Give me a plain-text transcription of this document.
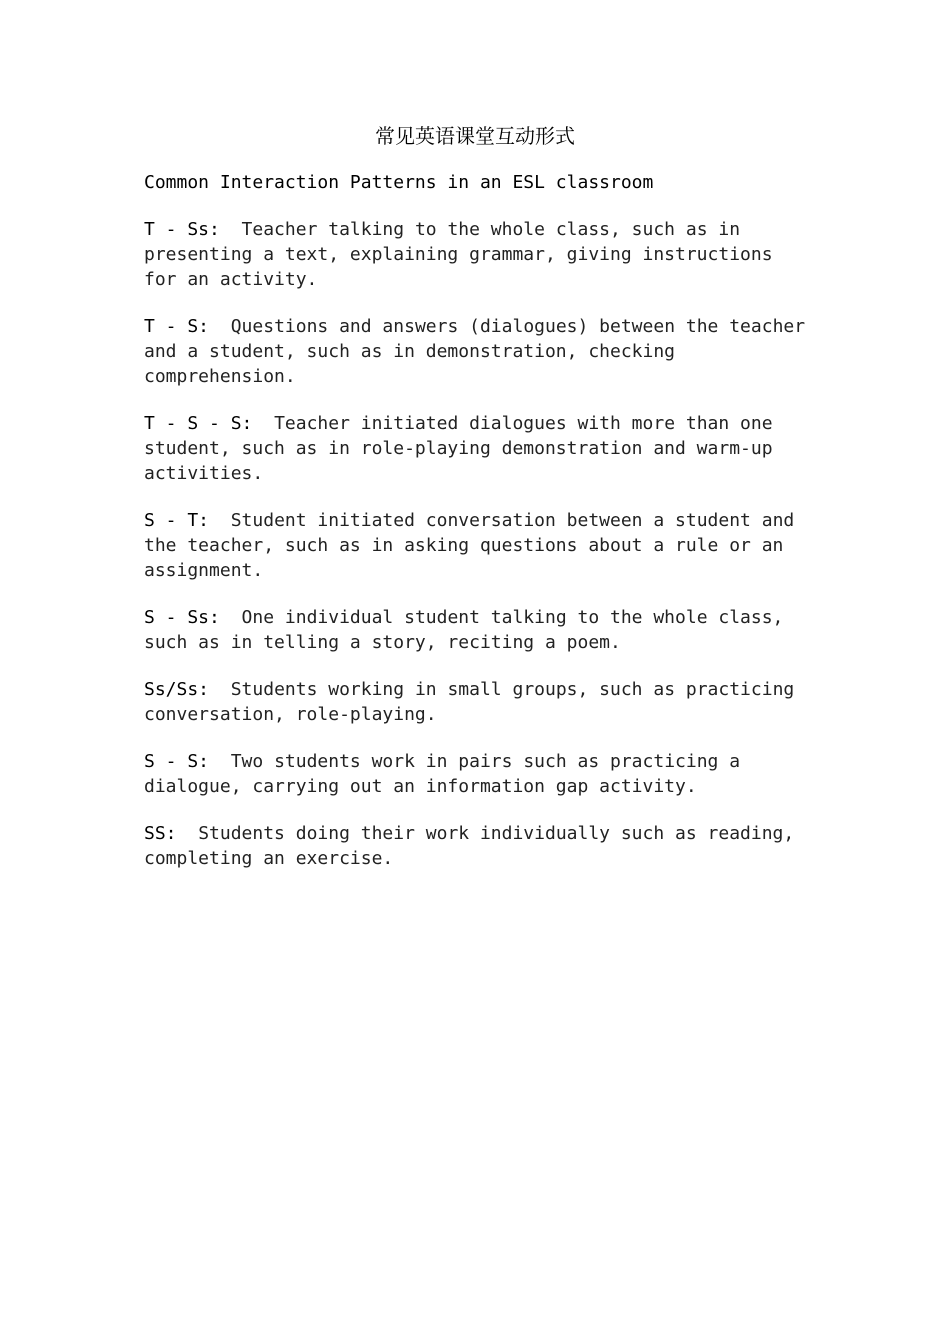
常见英语课堂互动形式

Common Interaction Patterns in an ESL classroom

T - Ss: Teacher talking to the whole class, such as in
presenting a text, explaining grammar, giving instructions
for an activity.

T - S: Questions and answers (dialogues) between the teacher
and a student, such as in demonstration, checking
comprehension.

T - S - S: Teacher initiated dialogues with more than one
student, such as in role-playing demonstration and warm-up
activities.

S - T: Student initiated conversation between a student and
the teacher, such as in asking questions about a rule or an
assignment.

S - Ss: One individual student talking to the whole class,
such as in telling a story, reciting a poem.

Ss/Ss: Students working in small groups, such as practicing
conversation, role-playing.

S - S: Two students work in pairs such as practicing a
dialogue, carrying out an information gap activity.

SS: Students doing their work individually such as reading,
completing an exercise.
